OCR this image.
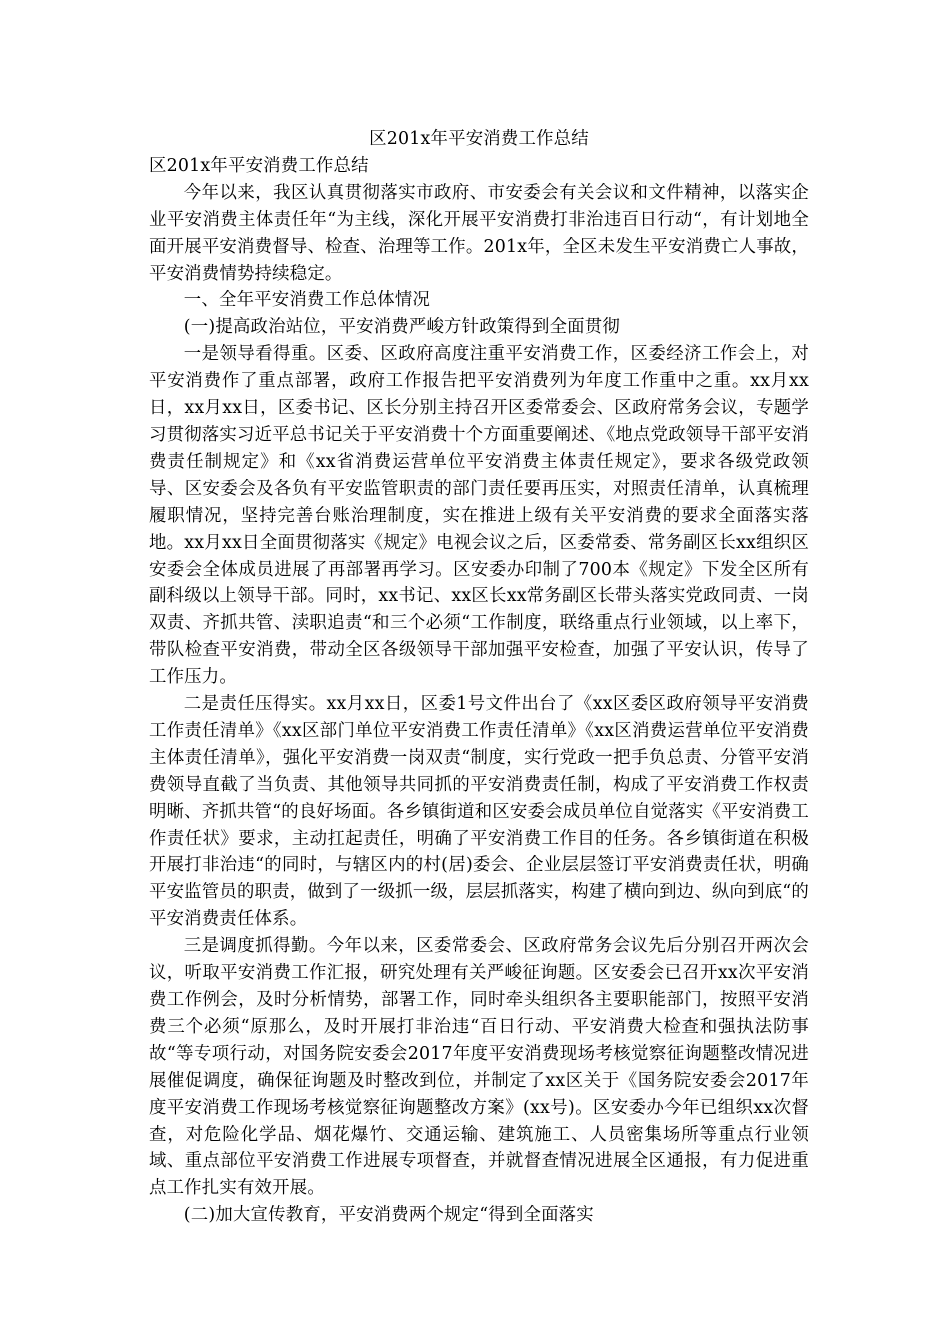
区201x年平安消费工作总结

区201x年平安消费工作总结

今年以来，我区认真贯彻落实市政府、市安委会有关会议和文件精神，以落实企业平安消费主体责任年“为主线，深化开展平安消费打非治违百日行动“，有计划地全面开展平安消费督导、检查、治理等工作。201x年，全区未发生平安消费亡人事故，平安消费情势持续稳定。

一、全年平安消费工作总体情况

(一)提高政治站位，平安消费严峻方针政策得到全面贯彻

一是领导看得重。区委、区政府高度注重平安消费工作，区委经济工作会上，对平安消费作了重点部署，政府工作报告把平安消费列为年度工作重中之重。xx月xx日，xx月xx日，区委书记、区长分别主持召开区委常委会、区政府常务会议，专题学习贯彻落实习近平总书记关于平安消费十个方面重要阐述、《地点党政领导干部平安消费责任制规定》和《xx省消费运营单位平安消费主体责任规定》，要求各级党政领导、区安委会及各负有平安监管职责的部门责任要再压实，对照责任清单，认真梳理履职情况，坚持完善台账治理制度，实在推进上级有关平安消费的要求全面落实落地。xx月xx日全面贯彻落实《规定》电视会议之后，区委常委、常务副区长xx组织区安委会全体成员进展了再部署再学习。区安委办印制了700本《规定》下发全区所有副科级以上领导干部。同时，xx书记、xx区长xx常务副区长带头落实党政同责、一岗双责、齐抓共管、渎职追责“和三个必须“工作制度，联络重点行业领域，以上率下，带队检查平安消费，带动全区各级领导干部加强平安检查，加强了平安认识，传导了工作压力。

二是责任压得实。xx月xx日，区委1号文件出台了《xx区委区政府领导平安消费工作责任清单》《xx区部门单位平安消费工作责任清单》《xx区消费运营单位平安消费主体责任清单》，强化平安消费一岗双责“制度，实行党政一把手负总责、分管平安消费领导直截了当负责、其他领导共同抓的平安消费责任制，构成了平安消费工作权责明晰、齐抓共管“的良好场面。各乡镇街道和区安委会成员单位自觉落实《平安消费工作责任状》要求，主动扛起责任，明确了平安消费工作目的任务。各乡镇街道在积极开展打非治违“的同时，与辖区内的村(居)委会、企业层层签订平安消费责任状，明确平安监管员的职责，做到了一级抓一级，层层抓落实，构建了横向到边、纵向到底“的平安消费责任体系。

三是调度抓得勤。今年以来，区委常委会、区政府常务会议先后分别召开两次会议，听取平安消费工作汇报，研究处理有关严峻征询题。区安委会已召开xx次平安消费工作例会，及时分析情势，部署工作，同时牵头组织各主要职能部门，按照平安消费三个必须“原那么，及时开展打非治违“百日行动、平安消费大检查和强执法防事故“等专项行动，对国务院安委会2017年度平安消费现场考核觉察征询题整改情况进展催促调度，确保征询题及时整改到位，并制定了xx区关于《国务院安委会2017年度平安消费工作现场考核觉察征询题整改方案》(xx号)。区安委办今年已组织xx次督查，对危险化学品、烟花爆竹、交通运输、建筑施工、人员密集场所等重点行业领域、重点部位平安消费工作进展专项督查，并就督查情况进展全区通报，有力促进重点工作扎实有效开展。

(二)加大宣传教育，平安消费两个规定“得到全面落实
